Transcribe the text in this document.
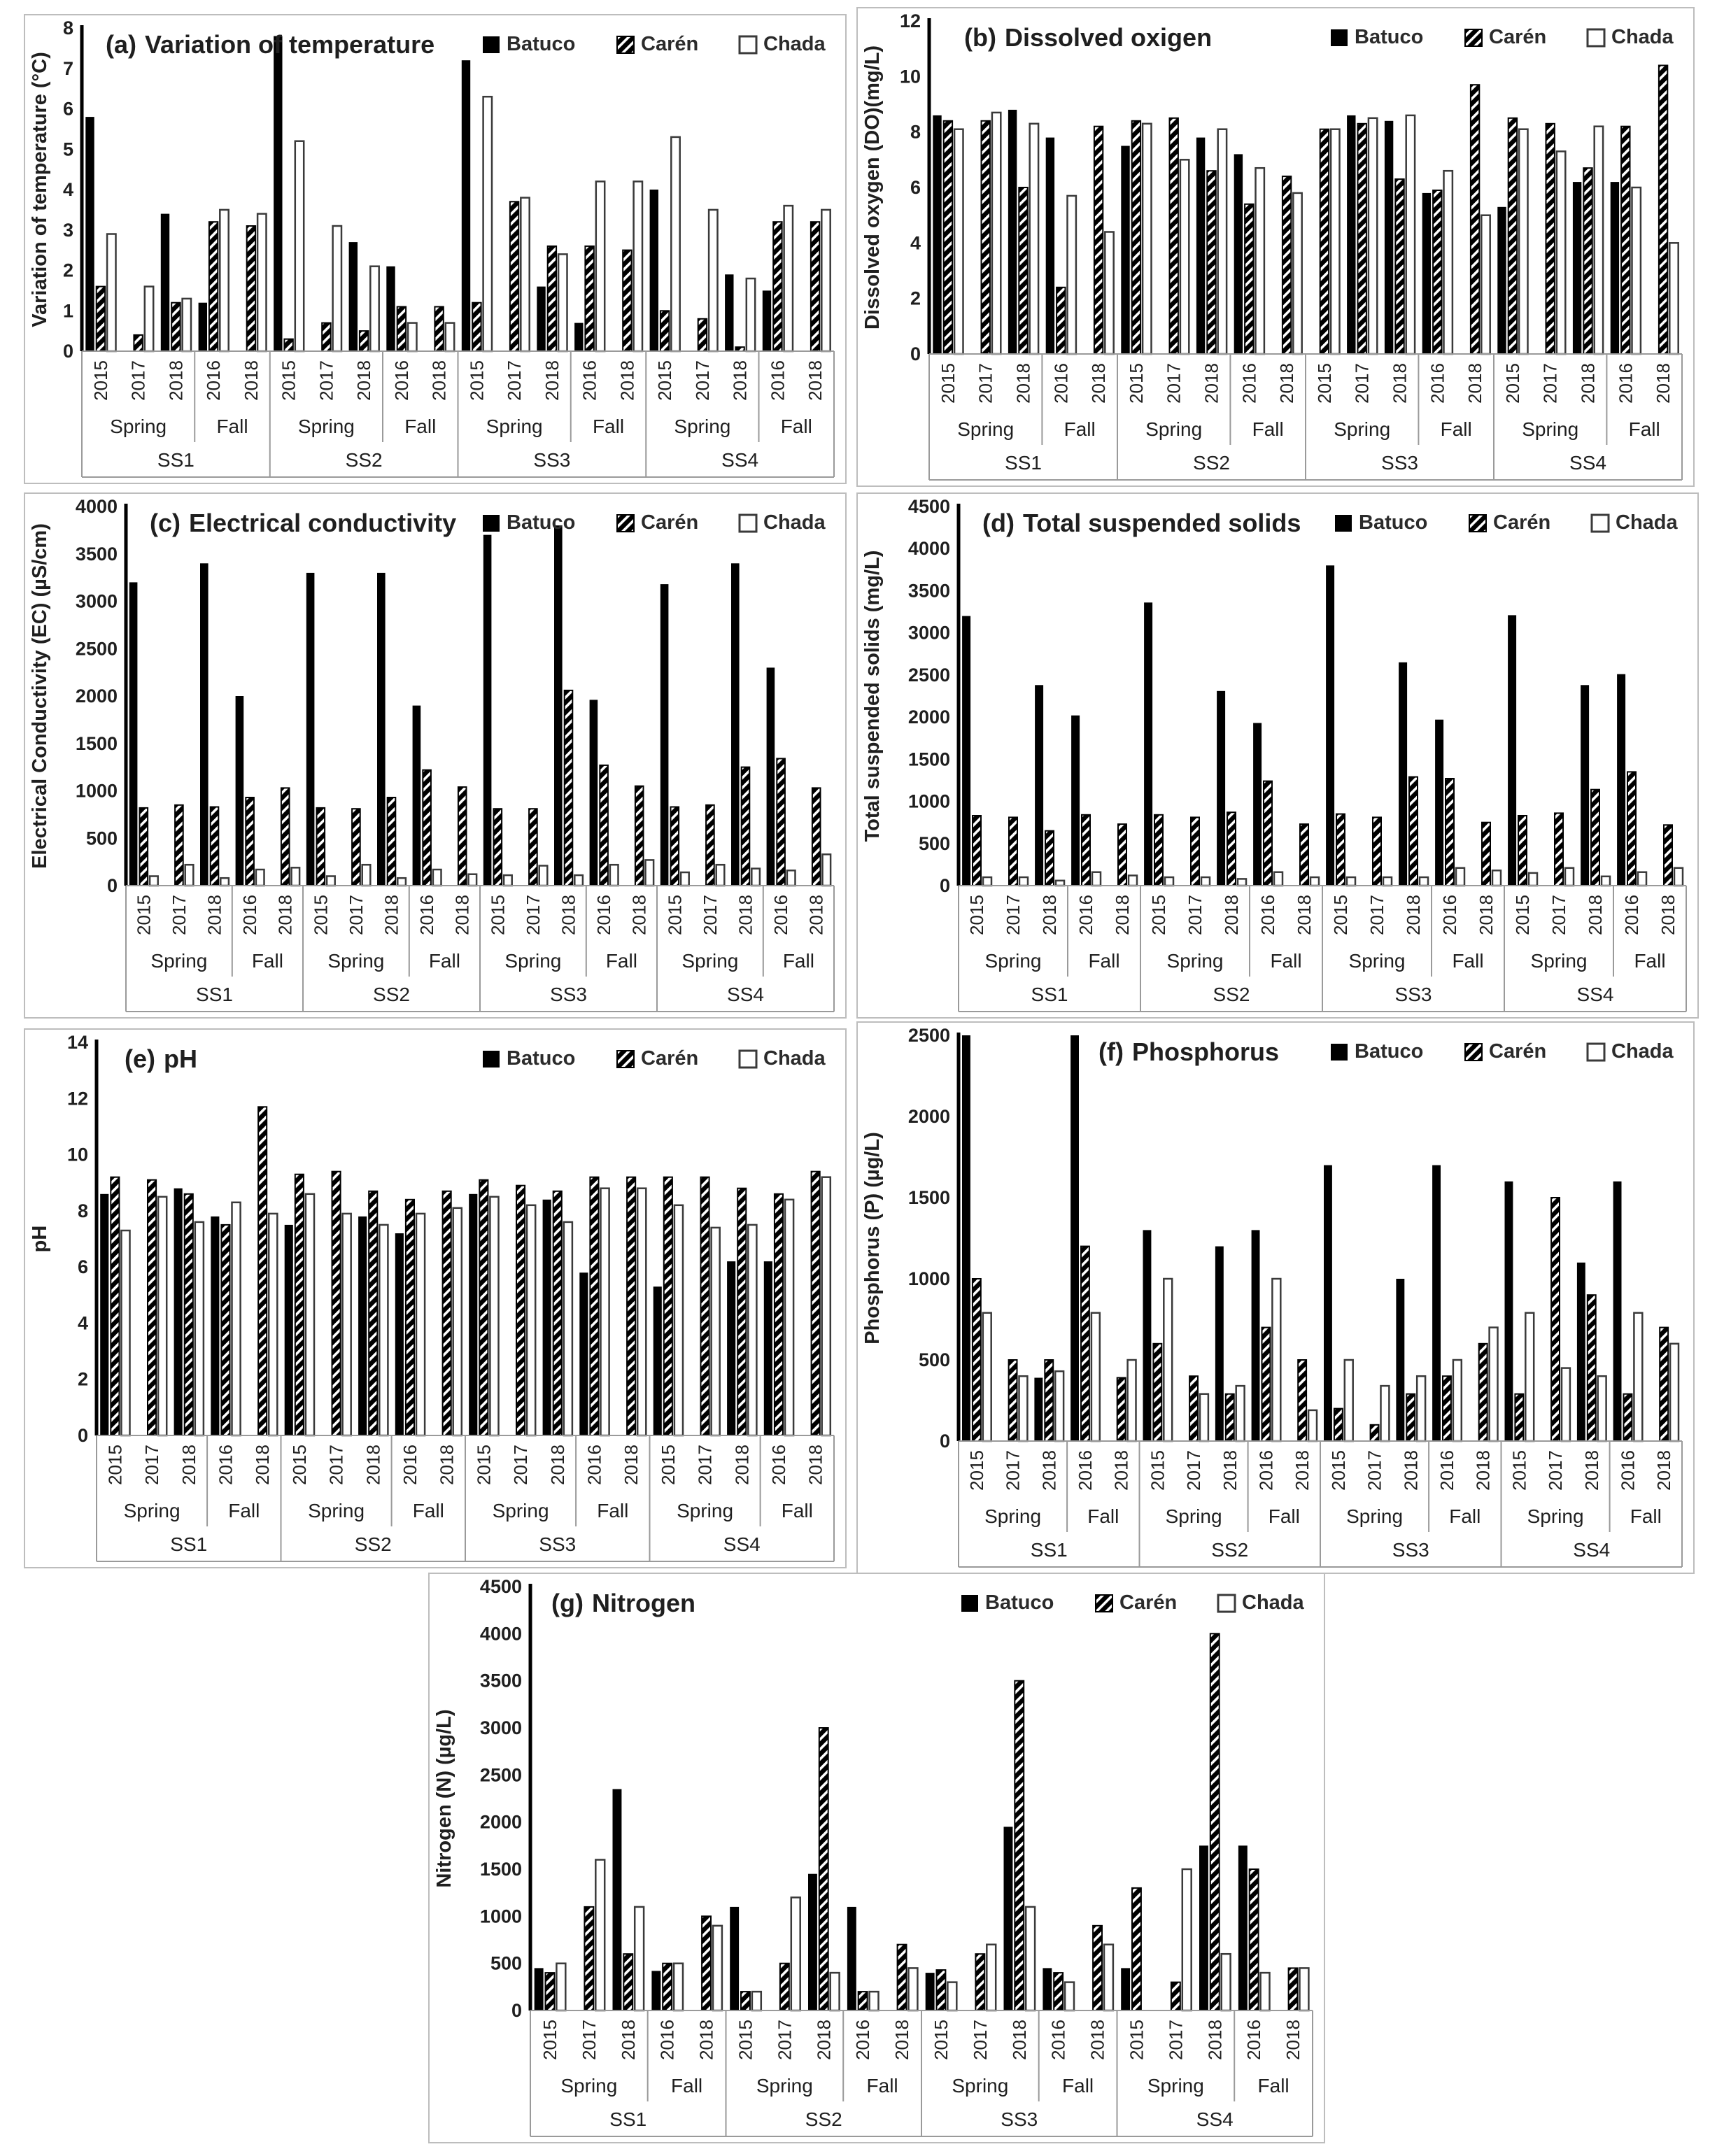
0
1
2
3
4
5
6
7
8
Variation of temperature (°C)
(a) Variation of temperature	Batuco	Carén	Chada
2015 2017 2018 2016 2018 2015 2017 2018 2016 2018 2015 2017 2018 2016 2018 2015 2017 2018 2016 2018
Spring	Fall	Spring	Fall	Spring	Fall	Spring	Fall
SS1	SS2	SS3	SS4
0
2
4
6
8
10
12
Dissolved oxygen (DO)(mg/L)
(b) Dissolved oxigen	Batuco	Carén	Chada
2015 2017 2018 2016 2018 2015 2017 2018 2016 2018 2015 2017 2018 2016 2018 2015 2017 2018 2016 2018
Spring	Fall	Spring	Fall	Spring	Fall	Spring	Fall
SS1	SS2	SS3	SS4
0
500
1000
1500
2000
2500
3000
3500
4000
Electrical Conductivity (EC) (µS/cm)
(c) Electrical conductivity Batuco	Carén	Chada
2015 2017 2018 2016 2018 2015 2017 2018 2016 2018 2015 2017 2018 2016 2018 2015 2017 2018 2016 2018
Spring Fall Spring Fall Spring Fall Spring Fall
SS1	SS2	SS3	SS4
0
500
1000
1500
2000
2500
3000
3500
4000
4500
Total suspended solids (mg/L)
(d) Total suspended solids	Batuco	Carén	Chada
2015 2017 2018 2016 2018 2015 2017 2018 2016 2018 2015 2017 2018 2016 2018 2015 2017 2018 2016 2018
Spring Fall Spring Fall Spring Fall Spring Fall
SS1	SS2	SS3	SS4
0
2
4
6
8
10
12
14
pH
(e) pH	Batuco	Carén	Chada
2015 2017 2018 2016 2018 2015 2017 2018 2016 2018 2015 2017 2018 2016 2018 2015 2017 2018 2016 2018
Spring Fall Spring Fall Spring Fall Spring Fall
SS1	SS2	SS3	SS4
0
500
1000
1500
2000
2500
Phosphorus (P) (µg/L)
(f) Phosphorus	Batuco	Carén	Chada
2015 2017 2018 2016 2018 2015 2017 2018 2016 2018 2015 2017 2018 2016 2018 2015 2017 2018 2016 2018
Spring Fall Spring Fall Spring Fall Spring Fall
SS1	SS2	SS3	SS4
0
500
1000
1500
2000
2500
3000
3500
4000
4500
Nitrogen (N) (µg/L)
(g) Nitrogen	Batuco	Carén	Chada
2015 2017 2018 2016 2018 2015 2017 2018 2016 2018 2015 2017 2018 2016 2018 2015 2017 2018 2016 2018
Spring	Fall	Spring	Fall	Spring	Fall	Spring	Fall
SS1	SS2	SS3	SS4
